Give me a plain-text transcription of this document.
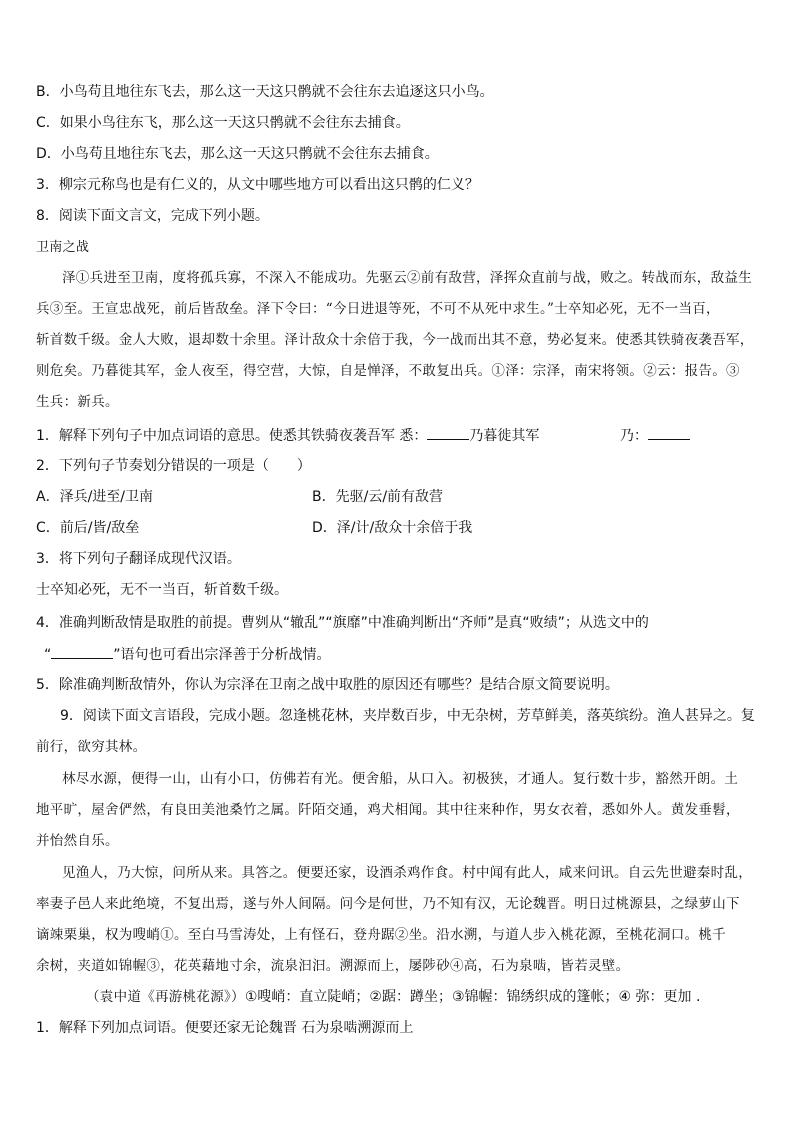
B．小鸟苟且地往东飞去，那么这一天这只鹘就不会往东去追逐这只小鸟。
C．如果小鸟往东飞，那么这一天这只鹘就不会往东去捕食。
D．小鸟苟且地往东飞去，那么这一天这只鹘就不会往东去捕食。
3．柳宗元称鸟也是有仁义的，从文中哪些地方可以看出这只鹘的仁义？
8．阅读下面文言文，完成下列小题。
卫南之战
泽①兵进至卫南，度将孤兵寡，不深入不能成功。先驱云②前有敌营，泽挥众直前与战，败之。转战而东，敌益生
兵③至。王宣忠战死，前后皆敌垒。泽下令曰：“今日进退等死，不可不从死中求生。”士卒知必死，无不一当百，
斩首数千级。金人大败，退却数十余里。泽计敌众十余倍于我，今一战而出其不意，势必复来。使悉其铁骑夜袭吾军，
则危矣。乃暮徙其军，金人夜至，得空营，大惊，自是惮泽，不敢复出兵。①泽：宗泽，南宋将领。②云：报告。③
生兵：新兵。
1．解释下列句子中加点词语的意思。使悉其铁骑夜袭吾军 悉：	乃暮徙其军	乃：
2．下列句子节奏划分错误的一项是（　　）
A．泽兵/进至/卫南	B．先驱/云/前有敌营
C．前后/皆/敌垒	D．泽/计/敌众十余倍于我
3．将下列句子翻译成现代汉语。
士卒知必死，无不一当百，斩首数千级。
4．准确判断敌情是取胜的前提。曹刿从“辙乱”“旗靡”中准确判断出“齐师”是真“败绩”；从选文中的
“	”语句也可看出宗泽善于分析战情。
5．除准确判断敌情外，你认为宗泽在卫南之战中取胜的原因还有哪些？是结合原文简要说明。
9．阅读下面文言语段，完成小题。忽逢桃花林，夹岸数百步，中无杂树，芳草鲜美，落英缤纷。渔人甚异之。复
前行，欲穷其林。
林尽水源，便得一山，山有小口，仿佛若有光。便舍船，从口入。初极狭，才通人。复行数十步，豁然开朗。土
地平旷，屋舍俨然，有良田美池桑竹之属。阡陌交通，鸡犬相闻。其中往来种作，男女衣着，悉如外人。黄发垂髫，
并怡然自乐。
见渔人，乃大惊，问所从来。具答之。便要还家，设酒杀鸡作食。村中闻有此人，咸来问讯。自云先世避秦时乱，
率妻子邑人来此绝境，不复出焉，遂与外人间隔。问今是何世，乃不知有汉，无论魏晋。明日过桃源县，之绿萝山下
谪竦栗巢，权为嗖峭①。至白马雪涛处，上有怪石，登舟踞②坐。沿水溯，与道人步入桃花源，至桃花洞口。桃千
余树，夹道如锦幄③，花英藉地寸余，流泉汩汩。溯源而上，屡陟砂④高，石为泉啮，皆若灵壁。
（袁中道《再游桃花源》）①嗖峭：直立陡峭；②踞：蹲坐；③锦幄：锦绣织成的篷帐；④ 弥：更加 .
1．解释下列加点词语。便要还家无论魏晋 石为泉啮溯源而上
